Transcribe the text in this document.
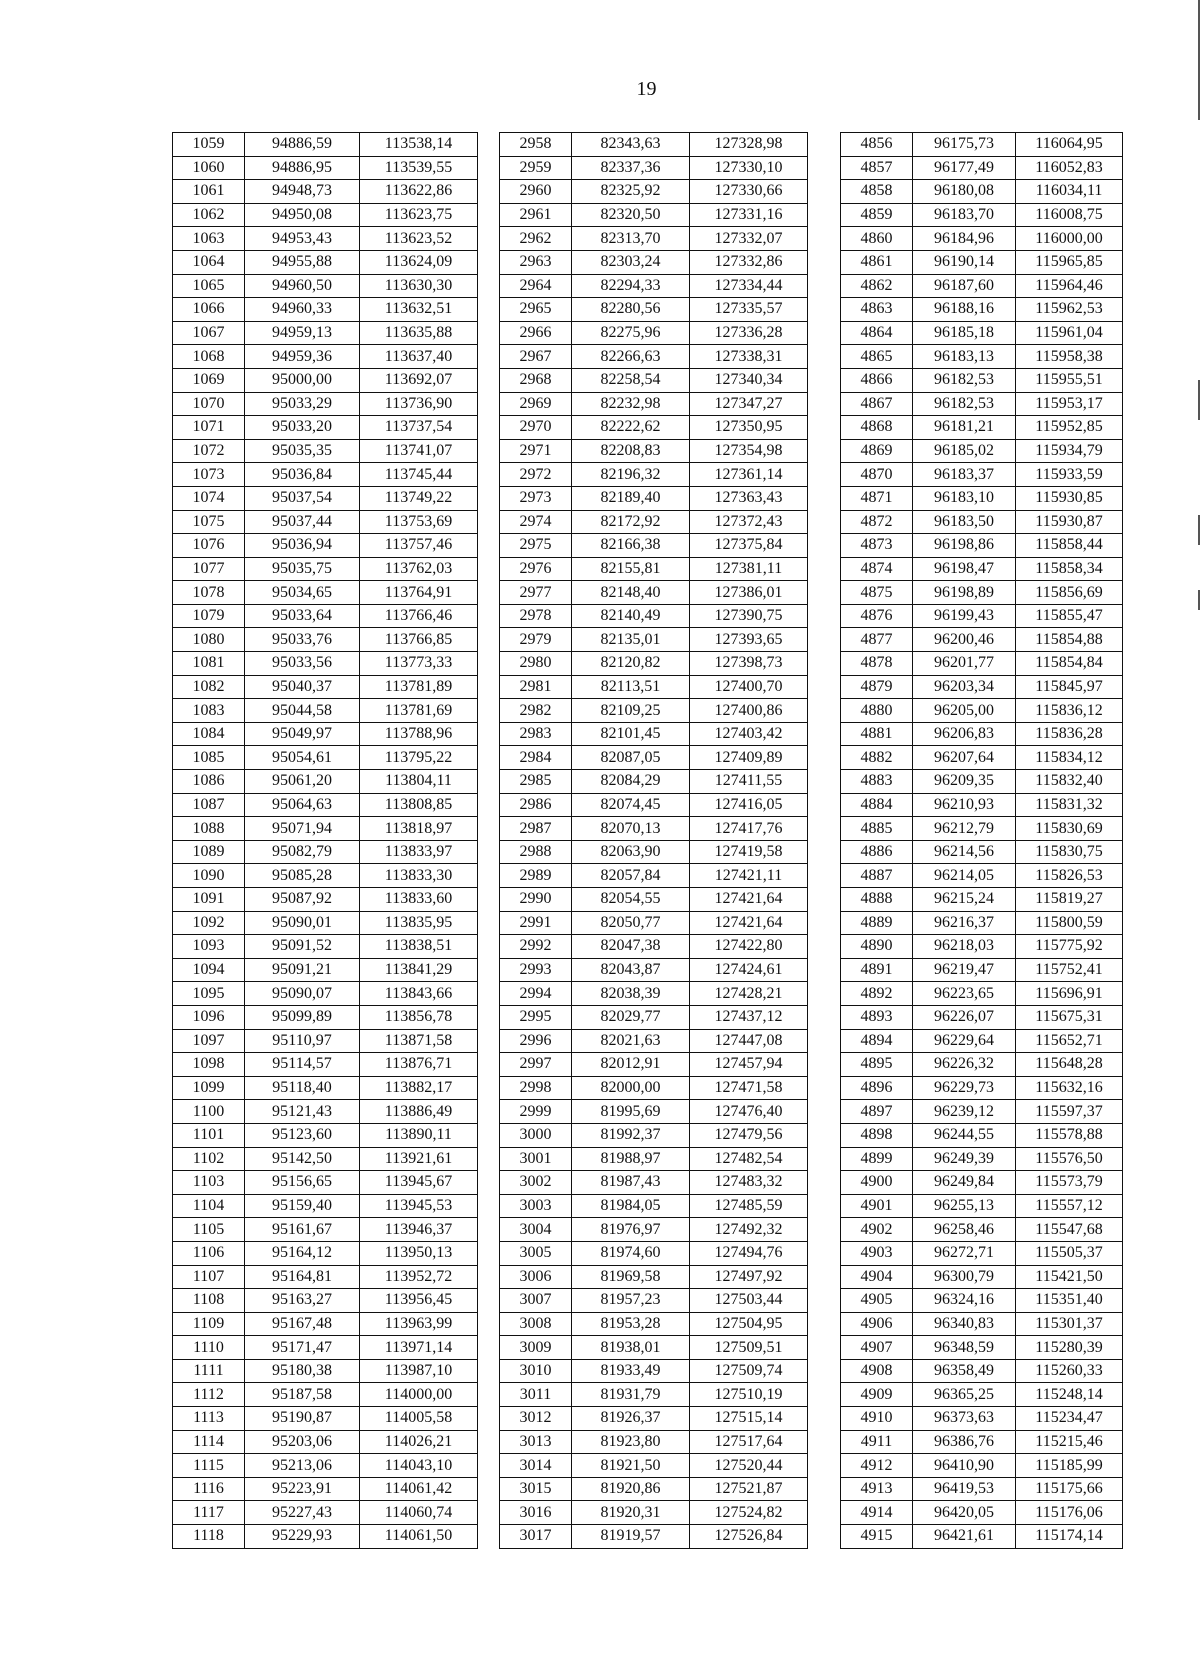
19
1059	94886,59	113538,14		2958	82343,63	127328,98		4856	96175,73	116064,95
1060	94886,95	113539,55		2959	82337,36	127330,10		4857	96177,49	116052,83
1061	94948,73	113622,86		2960	82325,92	127330,66		4858	96180,08	116034,11
1062	94950,08	113623,75		2961	82320,50	127331,16		4859	96183,70	116008,75
1063	94953,43	113623,52		2962	82313,70	127332,07		4860	96184,96	116000,00
1064	94955,88	113624,09		2963	82303,24	127332,86		4861	96190,14	115965,85
1065	94960,50	113630,30		2964	82294,33	127334,44		4862	96187,60	115964,46
1066	94960,33	113632,51		2965	82280,56	127335,57		4863	96188,16	115962,53
1067	94959,13	113635,88		2966	82275,96	127336,28		4864	96185,18	115961,04
1068	94959,36	113637,40		2967	82266,63	127338,31		4865	96183,13	115958,38
1069	95000,00	113692,07		2968	82258,54	127340,34		4866	96182,53	115955,51
1070	95033,29	113736,90		2969	82232,98	127347,27		4867	96182,53	115953,17
1071	95033,20	113737,54		2970	82222,62	127350,95		4868	96181,21	115952,85
1072	95035,35	113741,07		2971	82208,83	127354,98		4869	96185,02	115934,79
1073	95036,84	113745,44		2972	82196,32	127361,14		4870	96183,37	115933,59
1074	95037,54	113749,22		2973	82189,40	127363,43		4871	96183,10	115930,85
1075	95037,44	113753,69		2974	82172,92	127372,43		4872	96183,50	115930,87
1076	95036,94	113757,46		2975	82166,38	127375,84		4873	96198,86	115858,44
1077	95035,75	113762,03		2976	82155,81	127381,11		4874	96198,47	115858,34
1078	95034,65	113764,91		2977	82148,40	127386,01		4875	96198,89	115856,69
1079	95033,64	113766,46		2978	82140,49	127390,75		4876	96199,43	115855,47
1080	95033,76	113766,85		2979	82135,01	127393,65		4877	96200,46	115854,88
1081	95033,56	113773,33		2980	82120,82	127398,73		4878	96201,77	115854,84
1082	95040,37	113781,89		2981	82113,51	127400,70		4879	96203,34	115845,97
1083	95044,58	113781,69		2982	82109,25	127400,86		4880	96205,00	115836,12
1084	95049,97	113788,96		2983	82101,45	127403,42		4881	96206,83	115836,28
1085	95054,61	113795,22		2984	82087,05	127409,89		4882	96207,64	115834,12
1086	95061,20	113804,11		2985	82084,29	127411,55		4883	96209,35	115832,40
1087	95064,63	113808,85		2986	82074,45	127416,05		4884	96210,93	115831,32
1088	95071,94	113818,97		2987	82070,13	127417,76		4885	96212,79	115830,69
1089	95082,79	113833,97		2988	82063,90	127419,58		4886	96214,56	115830,75
1090	95085,28	113833,30		2989	82057,84	127421,11		4887	96214,05	115826,53
1091	95087,92	113833,60		2990	82054,55	127421,64		4888	96215,24	115819,27
1092	95090,01	113835,95		2991	82050,77	127421,64		4889	96216,37	115800,59
1093	95091,52	113838,51		2992	82047,38	127422,80		4890	96218,03	115775,92
1094	95091,21	113841,29		2993	82043,87	127424,61		4891	96219,47	115752,41
1095	95090,07	113843,66		2994	82038,39	127428,21		4892	96223,65	115696,91
1096	95099,89	113856,78		2995	82029,77	127437,12		4893	96226,07	115675,31
1097	95110,97	113871,58		2996	82021,63	127447,08		4894	96229,64	115652,71
1098	95114,57	113876,71		2997	82012,91	127457,94		4895	96226,32	115648,28
1099	95118,40	113882,17		2998	82000,00	127471,58		4896	96229,73	115632,16
1100	95121,43	113886,49		2999	81995,69	127476,40		4897	96239,12	115597,37
1101	95123,60	113890,11		3000	81992,37	127479,56		4898	96244,55	115578,88
1102	95142,50	113921,61		3001	81988,97	127482,54		4899	96249,39	115576,50
1103	95156,65	113945,67		3002	81987,43	127483,32		4900	96249,84	115573,79
1104	95159,40	113945,53		3003	81984,05	127485,59		4901	96255,13	115557,12
1105	95161,67	113946,37		3004	81976,97	127492,32		4902	96258,46	115547,68
1106	95164,12	113950,13		3005	81974,60	127494,76		4903	96272,71	115505,37
1107	95164,81	113952,72		3006	81969,58	127497,92		4904	96300,79	115421,50
1108	95163,27	113956,45		3007	81957,23	127503,44		4905	96324,16	115351,40
1109	95167,48	113963,99		3008	81953,28	127504,95		4906	96340,83	115301,37
1110	95171,47	113971,14		3009	81938,01	127509,51		4907	96348,59	115280,39
1111	95180,38	113987,10		3010	81933,49	127509,74		4908	96358,49	115260,33
1112	95187,58	114000,00		3011	81931,79	127510,19		4909	96365,25	115248,14
1113	95190,87	114005,58		3012	81926,37	127515,14		4910	96373,63	115234,47
1114	95203,06	114026,21		3013	81923,80	127517,64		4911	96386,76	115215,46
1115	95213,06	114043,10		3014	81921,50	127520,44		4912	96410,90	115185,99
1116	95223,91	114061,42		3015	81920,86	127521,87		4913	96419,53	115175,66
1117	95227,43	114060,74		3016	81920,31	127524,82		4914	96420,05	115176,06
1118	95229,93	114061,50		3017	81919,57	127526,84		4915	96421,61	115174,14
